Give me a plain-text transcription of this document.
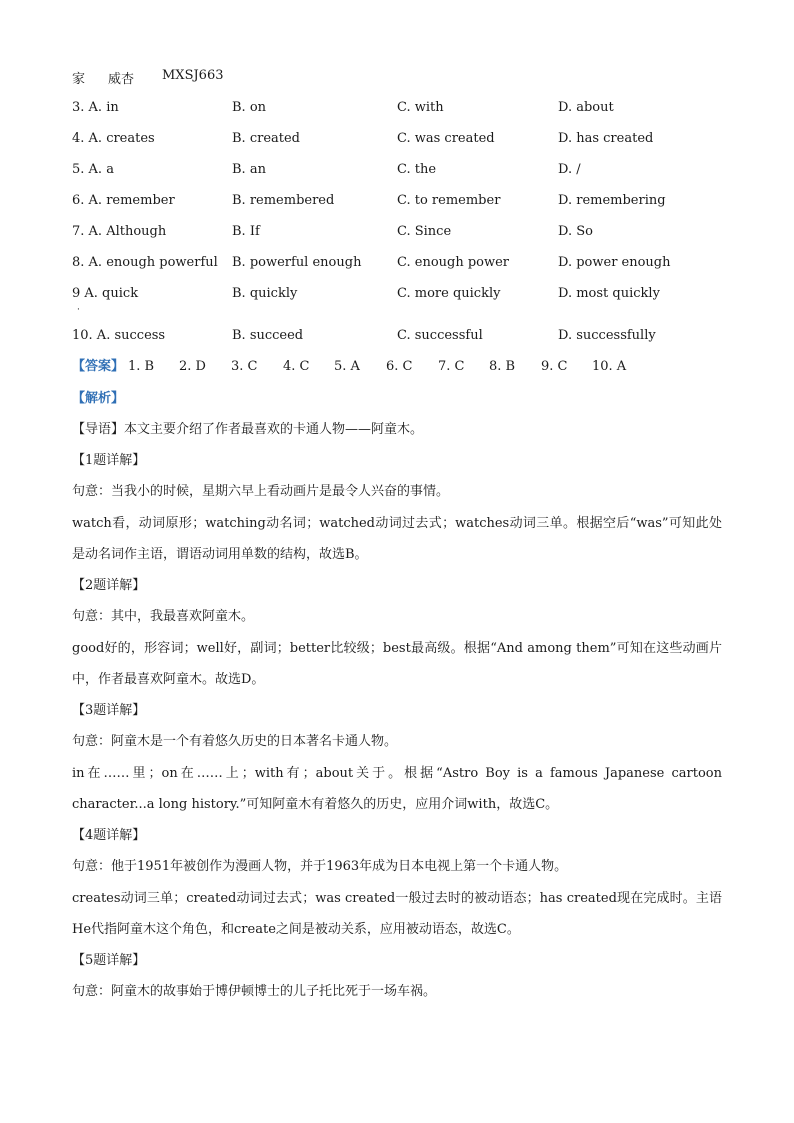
家 威杏 MXSJ663
3. A. in	B. on	C. with	D. about
4. A. creates	B. created	C. was created	D. has created
5. A. a	B. an	C. the	D. /
6. A. remember	B. remembered	C. to remember	D. remembering
7. A. Although	B. If	C. Since	D. So
8. A. enough powerful B. powerful enough	C. enough power	D. power enough
9 A. quick	B. quickly	C. more quickly	D. most quickly
·
10. A. success	B. succeed	C. successful	D. successfully
【答案】 1. B 2. D 3. C 4. C 5. A 6. C 7. C 8. B 9. C 10. A
【解析】
【导语】本文主要介绍了作者最喜欢的卡通人物——阿童木。
【1题详解】
句意：当我小的时候，星期六早上看动画片是最令人兴奋的事情。
watch看，动词原形；watching动名词；watched动词过去式；watches动词三单。根据空后“was”可知此处是动名词作主语，谓语动词用单数的结构，故选B。
【2题详解】
句意：其中，我最喜欢阿童木。
good好的，形容词；well好，副词；better比较级；best最高级。根据“And among them”可知在这些动画片中，作者最喜欢阿童木。故选D。
【3题详解】
句意：阿童木是一个有着悠久历史的日本著名卡通人物。
in在……里；on在……上；with有；about关于。根据“Astro Boy is a famous Japanese cartoon character...a long history.”可知阿童木有着悠久的历史，应用介词with，故选C。
【4题详解】
句意：他于1951年被创作为漫画人物，并于1963年成为日本电视上第一个卡通人物。
creates动词三单；created动词过去式；was created一般过去时的被动语态；has created现在完成时。主语He代指阿童木这个角色，和create之间是被动关系，应用被动语态，故选C。
【5题详解】
句意：阿童木的故事始于博伊顿博士的儿子托比死于一场车祸。
